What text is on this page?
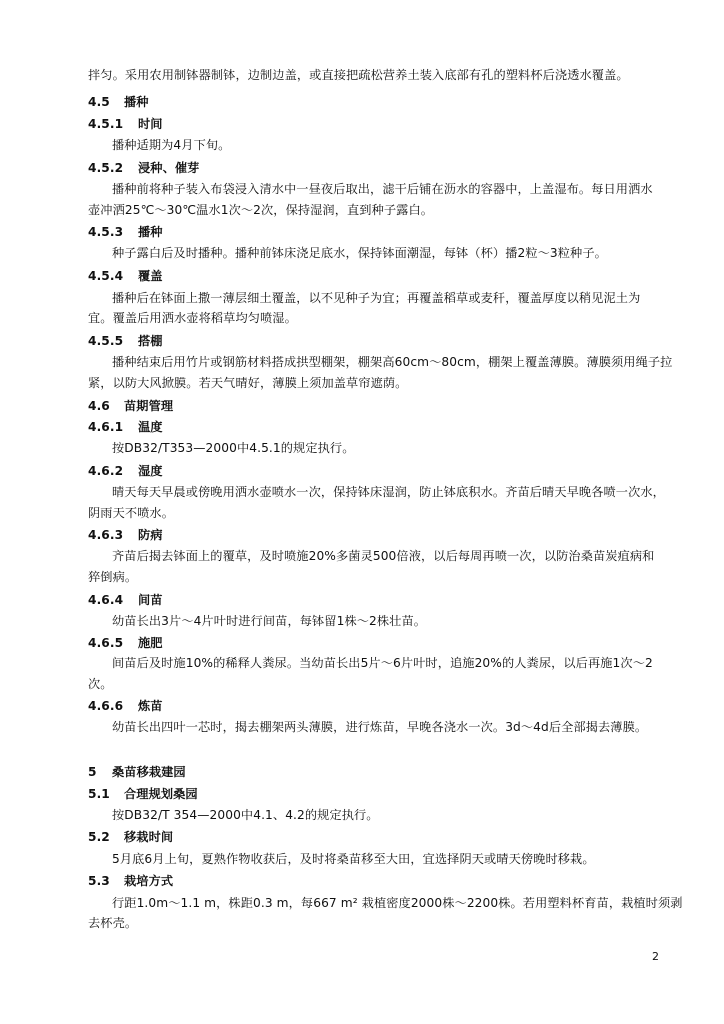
拌匀。采用农用制钵器制钵，边制边盖，或直接把疏松营养土装入底部有孔的塑料杯后浇透水覆盖。
4.5 播种
4.5.1 时间
播种适期为4月下旬。
4.5.2 浸种、催芽
播种前将种子装入布袋浸入清水中一昼夜后取出，滤干后铺在沥水的容器中，上盖湿布。每日用洒水
壶冲洒25℃～30℃温水1次～2次，保持湿润，直到种子露白。
4.5.3 播种
种子露白后及时播种。播种前钵床浇足底水，保持钵面潮湿，每钵（杯）播2粒～3粒种子。
4.5.4 覆盖
播种后在钵面上撒一薄层细土覆盖，以不见种子为宜；再覆盖稻草或麦秆，覆盖厚度以稍见泥土为
宜。覆盖后用洒水壶将稻草均匀喷湿。
4.5.5 搭棚
播种结束后用竹片或钢筋材料搭成拱型棚架，棚架高60cm～80cm，棚架上覆盖薄膜。薄膜须用绳子拉
紧，以防大风掀膜。若天气晴好，薄膜上须加盖草帘遮荫。
4.6 苗期管理
4.6.1 温度
按DB32/T353—2000中4.5.1的规定执行。
4.6.2 湿度
晴天每天早晨或傍晚用洒水壶喷水一次，保持钵床湿润，防止钵底积水。齐苗后晴天早晚各喷一次水，
阴雨天不喷水。
4.6.3 防病
齐苗后揭去钵面上的覆草，及时喷施20%多菌灵500倍液，以后每周再喷一次，以防治桑苗炭疽病和
猝倒病。
4.6.4 间苗
幼苗长出3片～4片叶时进行间苗，每钵留1株～2株壮苗。
4.6.5 施肥
间苗后及时施10%的稀释人粪尿。当幼苗长出5片～6片叶时，追施20%的人粪尿，以后再施1次～2
次。
4.6.6 炼苗
幼苗长出四叶一芯时，揭去棚架两头薄膜，进行炼苗，早晚各浇水一次。3d～4d后全部揭去薄膜。
5 桑苗移栽建园
5.1 合理规划桑园
按DB32/T 354—2000中4.1、4.2的规定执行。
5.2 移栽时间
5月底6月上旬，夏熟作物收获后，及时将桑苗移至大田，宜选择阴天或晴天傍晚时移栽。
5.3 栽培方式
行距1.0m～1.1 m，株距0.3 m，每667 m² 栽植密度2000株～2200株。若用塑料杯育苗，栽植时须剥
去杯壳。
2
